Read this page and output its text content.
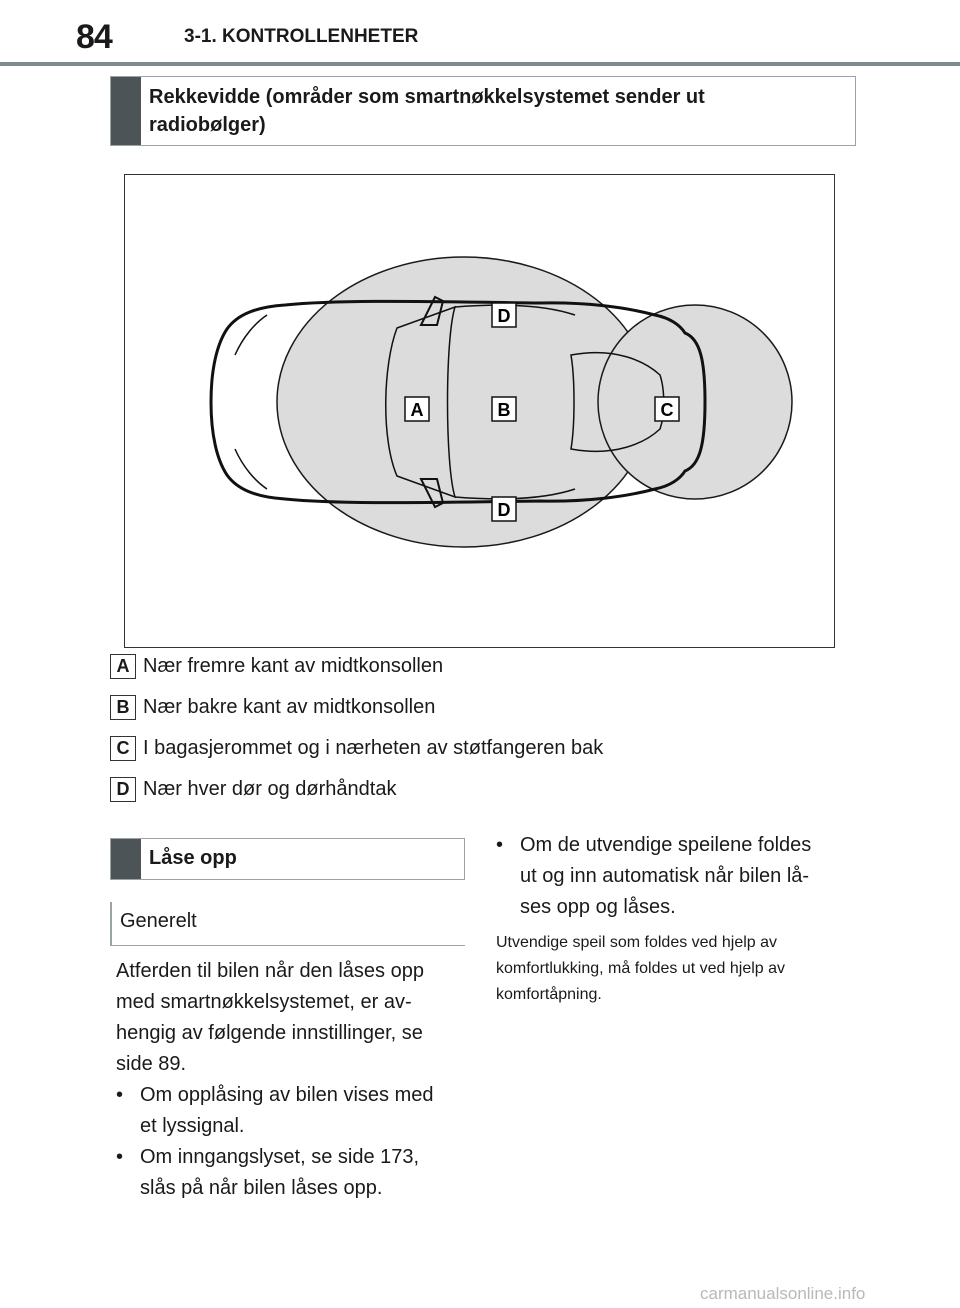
84	3-1. KONTROLLENHETER
Rekkevidde (områder som smartnøkkelsystemet sender ut
radiobølger)
A	B	C
D
D
A Nær fremre kant av midtkonsollen
B Nær bakre kant av midtkonsollen
C I bagasjerommet og i nærheten av støtfangeren bak
D Nær hver dør og dørhåndtak
Låse opp
Generelt
Atferden til bilen når den låses opp
med smartnøkkelsystemet, er av-
hengig av følgende innstillinger, se
side 89.
• Om opplåsing av bilen vises med
et lyssignal.
• Om inngangslyset, se side 173,
slås på når bilen låses opp.
• Om de utvendige speilene foldes
ut og inn automatisk når bilen lå-
ses opp og låses.
Utvendige speil som foldes ved hjelp av
komfortlukking, må foldes ut ved hjelp av
komfortåpning.
carmanualsonline.info
